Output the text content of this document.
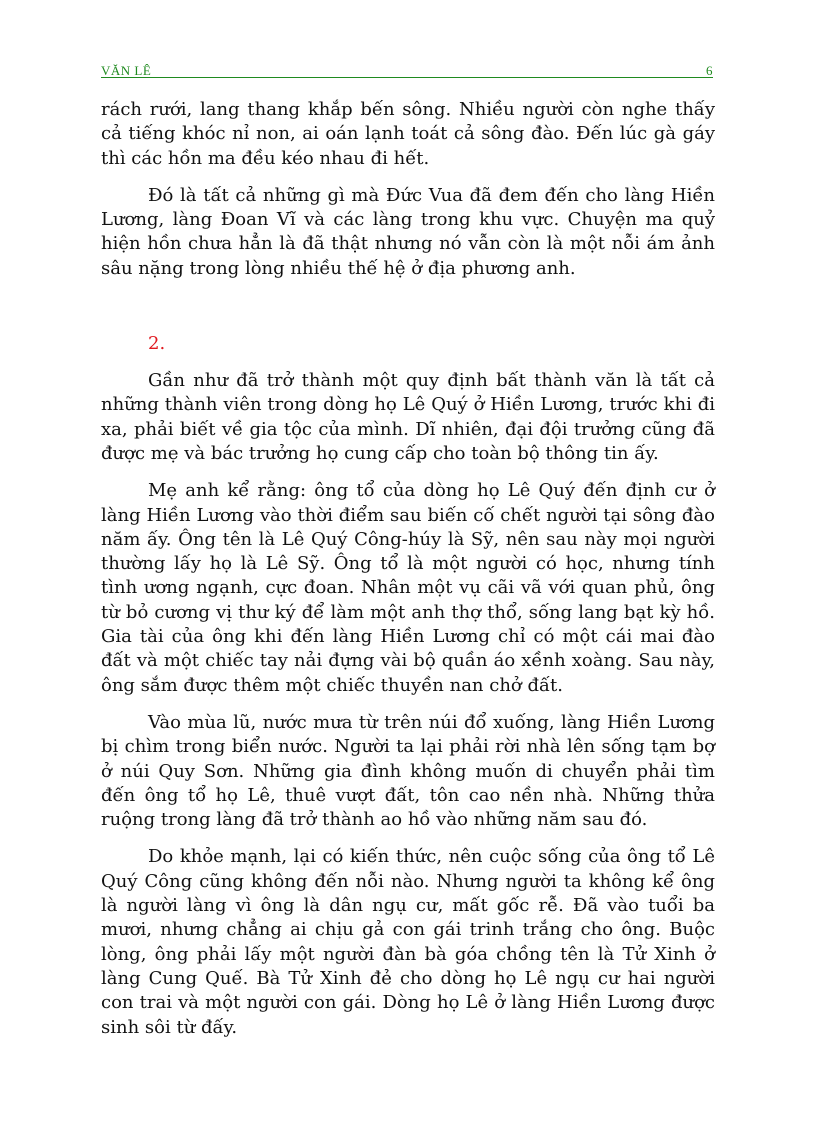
VĂN LÊ	6

rách rưới, lang thang khắp bến sông. Nhiều người còn nghe thấy cả tiếng khóc nỉ non, ai oán lạnh toát cả sông đào. Đến lúc gà gáy thì các hồn ma đều kéo nhau đi hết.

Đó là tất cả những gì mà Đức Vua đã đem đến cho làng Hiền Lương, làng Đoan Vĩ và các làng trong khu vực. Chuyện ma quỷ hiện hồn chưa hẳn là đã thật nhưng nó vẫn còn là một nỗi ám ảnh sâu nặng trong lòng nhiều thế hệ ở địa phương anh.

2.

Gần như đã trở thành một quy định bất thành văn là tất cả những thành viên trong dòng họ Lê Quý ở Hiền Lương, trước khi đi xa, phải biết về gia tộc của mình. Dĩ nhiên, đại đội trưởng cũng đã được mẹ và bác trưởng họ cung cấp cho toàn bộ thông tin ấy.

Mẹ anh kể rằng: ông tổ của dòng họ Lê Quý đến định cư ở làng Hiền Lương vào thời điểm sau biến cố chết người tại sông đào năm ấy. Ông tên là Lê Quý Công-húy là Sỹ, nên sau này mọi người thường lấy họ là Lê Sỹ. Ông tổ là một người có học, nhưng tính tình ương ngạnh, cực đoan. Nhân một vụ cãi vã với quan phủ, ông từ bỏ cương vị thư ký để làm một anh thợ thổ, sống lang bạt kỳ hồ. Gia tài của ông khi đến làng Hiền Lương chỉ có một cái mai đào đất và một chiếc tay nải đựng vài bộ quần áo xềnh xoàng. Sau này, ông sắm được thêm một chiếc thuyền nan chở đất.

Vào mùa lũ, nước mưa từ trên núi đổ xuống, làng Hiền Lương bị chìm trong biển nước. Người ta lại phải rời nhà lên sống tạm bợ ở núi Quy Sơn. Những gia đình không muốn di chuyển phải tìm đến ông tổ họ Lê, thuê vượt đất, tôn cao nền nhà. Những thửa ruộng trong làng đã trở thành ao hồ vào những năm sau đó.

Do khỏe mạnh, lại có kiến thức, nên cuộc sống của ông tổ Lê Quý Công cũng không đến nỗi nào. Nhưng người ta không kể ông là người làng vì ông là dân ngụ cư, mất gốc rễ. Đã vào tuổi ba mươi, nhưng chẳng ai chịu gả con gái trinh trắng cho ông. Buộc lòng, ông phải lấy một người đàn bà góa chồng tên là Tử Xinh ở làng Cung Quế. Bà Tử Xinh đẻ cho dòng họ Lê ngụ cư hai người con trai và một người con gái. Dòng họ Lê ở làng Hiền Lương được sinh sôi từ đấy.
